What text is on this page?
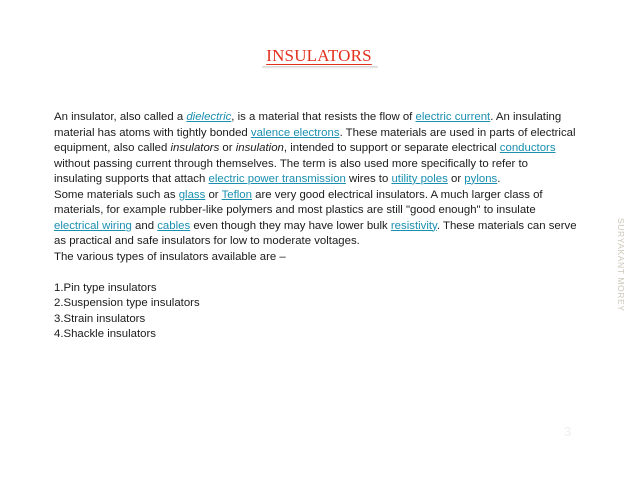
INSULATORS

An insulator, also called a dielectric, is a material that resists the flow of electric current. An insulating material has atoms with tightly bonded valence electrons. These materials are used in parts of electrical equipment, also called insulators or insulation, intended to support or separate electrical conductors without passing current through themselves. The term is also used more specifically to refer to insulating supports that attach electric power transmission wires to utility poles or pylons.

Some materials such as glass or Teflon are very good electrical insulators. A much larger class of materials, for example rubber-like polymers and most plastics are still "good enough" to insulate electrical wiring and cables even though they may have lower bulk resistivity. These materials can serve as practical and safe insulators for low to moderate voltages.

The various types of insulators available are –

1.Pin type insulators

2.Suspension type insulators

3.Strain insulators

4.Shackle insulators

SURYAKANT MOREY
3
